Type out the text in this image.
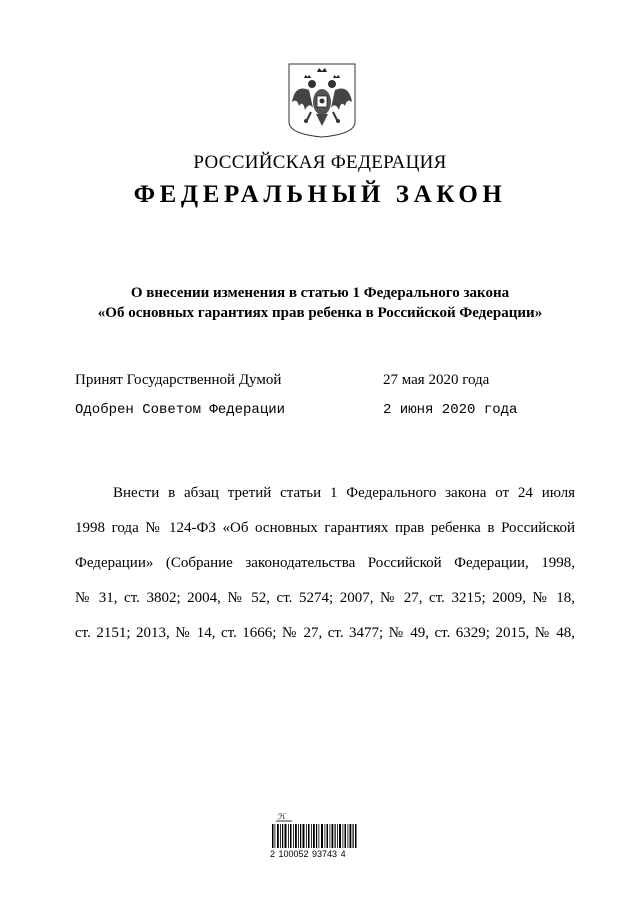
РОССИЙСКАЯ ФЕДЕРАЦИЯ
ФЕДЕРАЛЬНЫЙ ЗАКОН
О внесении изменения в статью 1 Федерального закона
«Об основных гарантиях прав ребенка в Российской Федерации»
Принят Государственной Думой	27 мая 2020 года
Одобрен Советом Федерации	2 июня 2020 года
Внести в абзац третий статьи 1 Федерального закона от 24 июля
1998 года № 124-ФЗ «Об основных гарантиях прав ребенка в Российской
Федерации» (Собрание законодательства Российской Федерации, 1998,
№ 31, ст. 3802; 2004, № 52, ст. 5274; 2007, № 27, ст. 3215; 2009, № 18,
ст. 2151; 2013, № 14, ст. 1666; № 27, ст. 3477; № 49, ст. 6329; 2015, № 48,
ℋ
2 100052 93743 4
